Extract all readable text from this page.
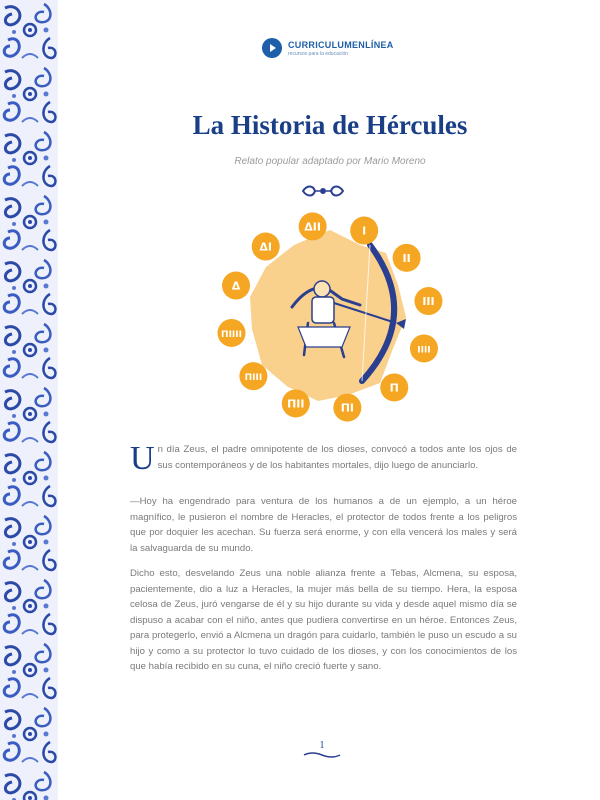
CURRICULUMENLÍNEA
recursos para la educación
La Historia de Hércules
Relato popular adaptado por Mario Moreno
I
II
III
IIII
П
ПI
ПII
ПIII
ПIIII
Δ
ΔI
ΔII
Un día Zeus, el padre omnipotente de los dioses, convocó a todos ante los ojos de sus contemporáneos y de los habitantes mortales, dijo luego de anunciarlo.
—Hoy ha engendrado para ventura de los humanos a de un ejemplo, a un héroe magnífico, le pusieron el nombre de Heracles, el protector de todos frente a los peligros que por doquier les acechan. Su fuerza será enorme, y con ella vencerá los males y será la salvaguarda de su mundo.
Dicho esto, desvelando Zeus una noble alianza frente a Tebas, Alcmena, su esposa, pacientemente, dio a luz a Heracles, la mujer más bella de su tiempo. Hera, la esposa celosa de Zeus, juró vengarse de él y su hijo durante su vida y desde aquel mismo día se dispuso a acabar con el niño, antes que pudiera convertirse en un héroe. Entonces Zeus, para protegerlo, envió a Alcmena un dragón para cuidarlo, también le puso un escudo a su hijo y como a su protector lo tuvo cuidado de los dioses, y con los conocimientos de los que había recibido en su cuna, el niño creció fuerte y sano.
1
